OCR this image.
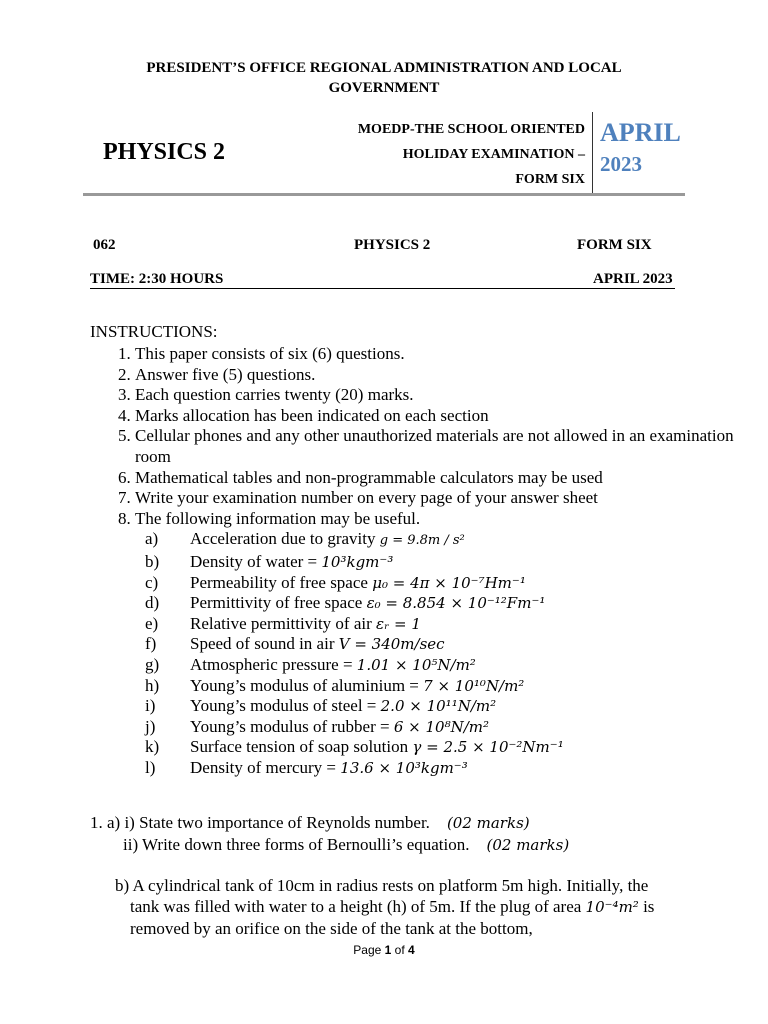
PRESIDENT’S OFFICE REGIONAL ADMINISTRATION AND LOCAL GOVERNMENT
PHYSICS 2
MOEDP-THE SCHOOL ORIENTED
HOLIDAY EXAMINATION –
FORM SIX
APRIL
2023
062	PHYSICS 2	FORM SIX
TIME: 2:30 HOURS	APRIL 2023
INSTRUCTIONS:
1. This paper consists of six (6) questions.
2. Answer five (5) questions.
3. Each question carries twenty (20) marks.
4. Marks allocation has been indicated on each section
5. Cellular phones and any other unauthorized materials are not allowed in an examination room
6. Mathematical tables and non-programmable calculators may be used
7. Write your examination number on every page of your answer sheet
8. The following information may be useful.
a) Acceleration due to gravity g = 9.8m / s²
b) Density of water = 10³kgm⁻³
c) Permeability of free space μ₀ = 4π × 10⁻⁷Hm⁻¹
d) Permittivity of free space ε₀ = 8.854 × 10⁻¹²Fm⁻¹
e) Relative permittivity of air εᵣ = 1
f) Speed of sound in air V = 340m/sec
g) Atmospheric pressure = 1.01 × 10⁵N/m²
h) Young’s modulus of aluminium = 7 × 10¹⁰N/m²
i) Young’s modulus of steel = 2.0 × 10¹¹N/m²
j) Young’s modulus of rubber = 6 × 10⁸N/m²
k) Surface tension of soap solution γ = 2.5 × 10⁻²Nm⁻¹
l) Density of mercury = 13.6 × 10³kgm⁻³
1. a) i) State two importance of Reynolds number. (02 marks)
ii) Write down three forms of Bernoulli’s equation. (02 marks)
b) A cylindrical tank of 10cm in radius rests on platform 5m high. Initially, the
tank was filled with water to a height (h) of 5m. If the plug of area 10⁻⁴m² is
removed by an orifice on the side of the tank at the bottom,
Page 1 of 4
